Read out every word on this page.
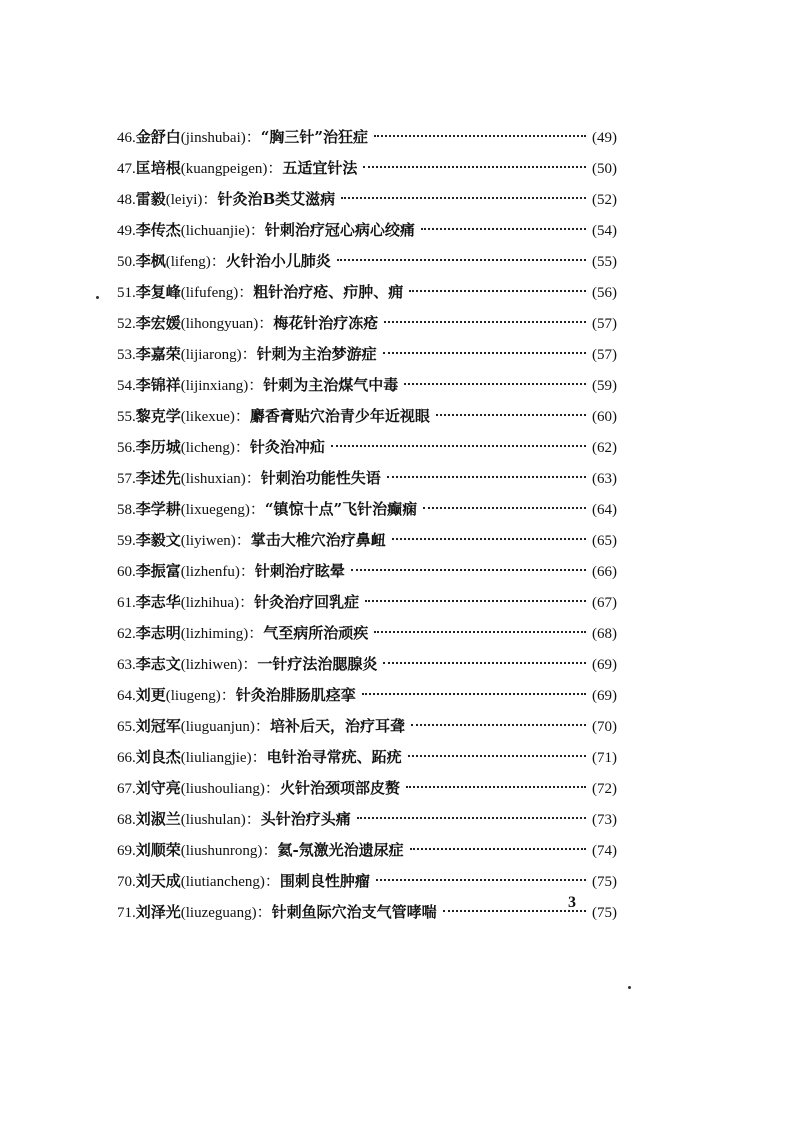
46. 金舒白 (jinshubai) ： “胸三针”治狂症	(49)
47. 匡培根 (kuangpeigen) ： 五适宜针法	(50)
48. 雷毅 (leiyi) ： 针灸治B类艾滋病	(52)
49. 李传杰 (lichuanjie) ： 针刺治疗冠心病心绞痛	(54)
50. 李枫 (lifeng) ： 火针治小儿肺炎	(55)
51. 李复峰 (lifufeng) ： 粗针治疗疮、疖肿、痈	(56)
52. 李宏媛 (lihongyuan) ： 梅花针治疗冻疮	(57)
53. 李嘉荣 (lijiarong) ： 针刺为主治梦游症	(57)
54. 李锦祥 (lijinxiang) ： 针刺为主治煤气中毒	(59)
55. 黎克学 (likexue) ： 麝香膏贴穴治青少年近视眼	(60)
56. 李历城 (licheng) ： 针灸治冲疝	(62)
57. 李述先 (lishuxian) ： 针刺治功能性失语	(63)
58. 李学耕 (lixuegeng) ： “镇惊十点”飞针治癫痫	(64)
59. 李毅文 (liyiwen) ： 掌击大椎穴治疗鼻衄	(65)
60. 李振富 (lizhenfu) ： 针刺治疗眩晕	(66)
61. 李志华 (lizhihua) ： 针灸治疗回乳症	(67)
62. 李志明 (lizhiming) ： 气至病所治顽疾	(68)
63. 李志文 (lizhiwen) ： 一针疗法治腮腺炎	(69)
64. 刘更 (liugeng) ： 针灸治腓肠肌痉挛	(69)
65. 刘冠军 (liuguanjun) ： 培补后天，治疗耳聋	(70)
66. 刘良杰 (liuliangjie) ： 电针治寻常疣、跖疣	(71)
67. 刘守亮 (liushouliang) ： 火针治颈项部皮赘	(72)
68. 刘淑兰 (liushulan) ： 头针治疗头痛	(73)
69. 刘顺荣 (liushunrong) ： 氦-氖激光治遗尿症	(74)
70. 刘天成 (liutiancheng) ： 围刺良性肿瘤	(75)
71. 刘泽光 (liuzeguang) ： 针刺鱼际穴治支气管哮喘	(75)
3
